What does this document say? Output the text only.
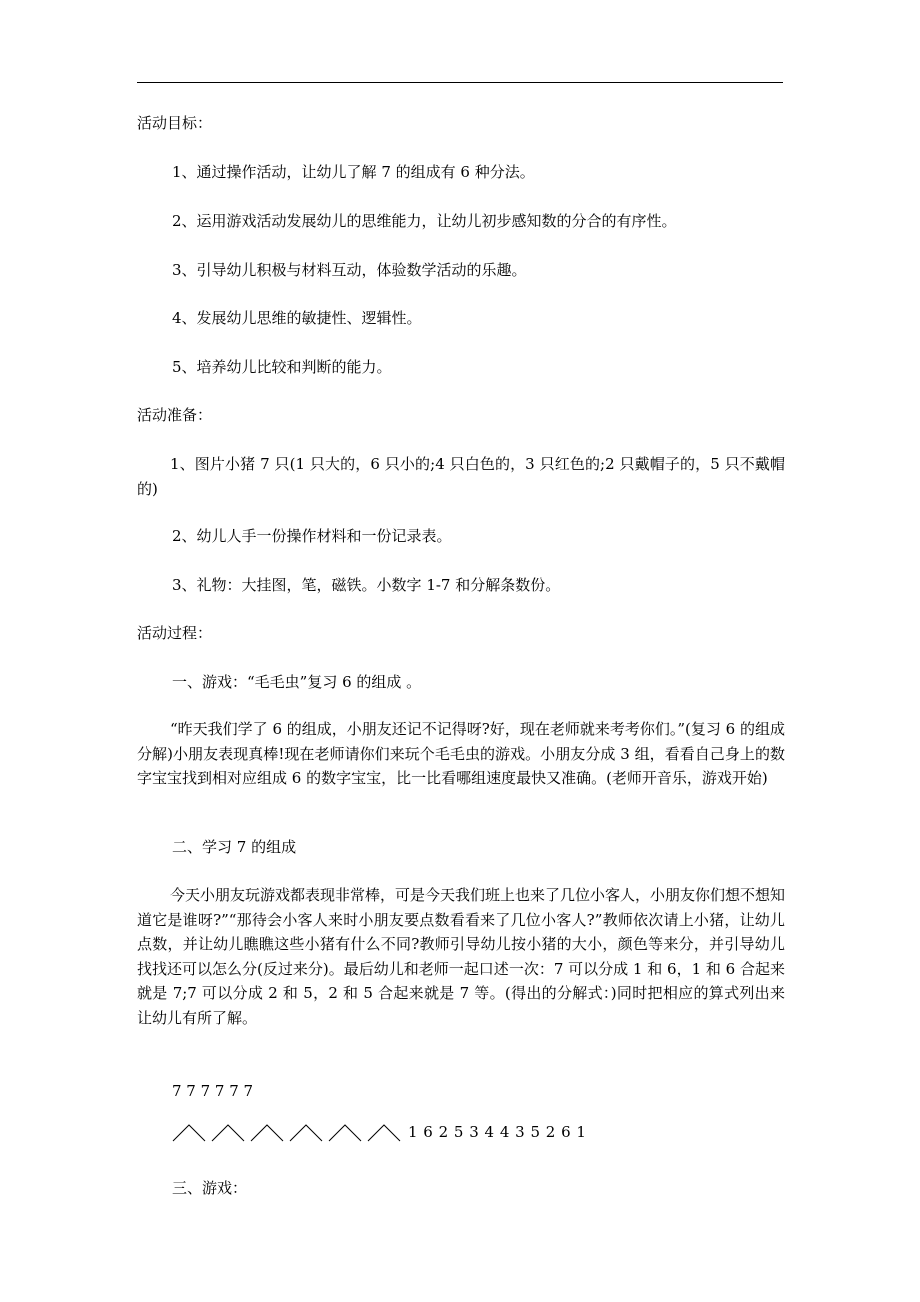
活动目标：
1、通过操作活动，让幼儿了解 7 的组成有 6 种分法。
2、运用游戏活动发展幼儿的思维能力，让幼儿初步感知数的分合的有序性。
3、引导幼儿积极与材料互动，体验数学活动的乐趣。
4、发展幼儿思维的敏捷性、逻辑性。
5、培养幼儿比较和判断的能力。
活动准备：
1、图片小猪 7 只(1 只大的，6 只小的;4 只白色的，3 只红色的;2 只戴帽子的，5 只不戴帽的)
2、幼儿人手一份操作材料和一份记录表。
3、礼物：大挂图，笔，磁铁。小数字 1-7 和分解条数份。
活动过程：
一、游戏：“毛毛虫”复习 6 的组成 。
“昨天我们学了 6 的组成，小朋友还记不记得呀?好，现在老师就来考考你们。”(复习 6 的组成分解)小朋友表现真棒!现在老师请你们来玩个毛毛虫的游戏。小朋友分成 3 组，看看自己身上的数字宝宝找到相对应组成 6 的数字宝宝，比一比看哪组速度最快又准确。(老师开音乐，游戏开始)
二、学习 7 的组成
今天小朋友玩游戏都表现非常棒，可是今天我们班上也来了几位小客人，小朋友你们想不想知道它是谁呀?”“那待会小客人来时小朋友要点数看看来了几位小客人?”教师依次请上小猪，让幼儿点数，并让幼儿瞧瞧这些小猪有什么不同?教师引导幼儿按小猪的大小，颜色等来分，并引导幼儿找找还可以怎么分(反过来分)。最后幼儿和老师一起口述一次：7 可以分成 1 和 6，1 和 6 合起来就是 7;7 可以分成 2 和 5，2 和 5 合起来就是 7 等。(得出的分解式：)同时把相应的算式列出来让幼儿有所了解。
7 7 7 7 7 7
1 6 2 5 3 4 4 3 5 2 6 1
三、游戏：
